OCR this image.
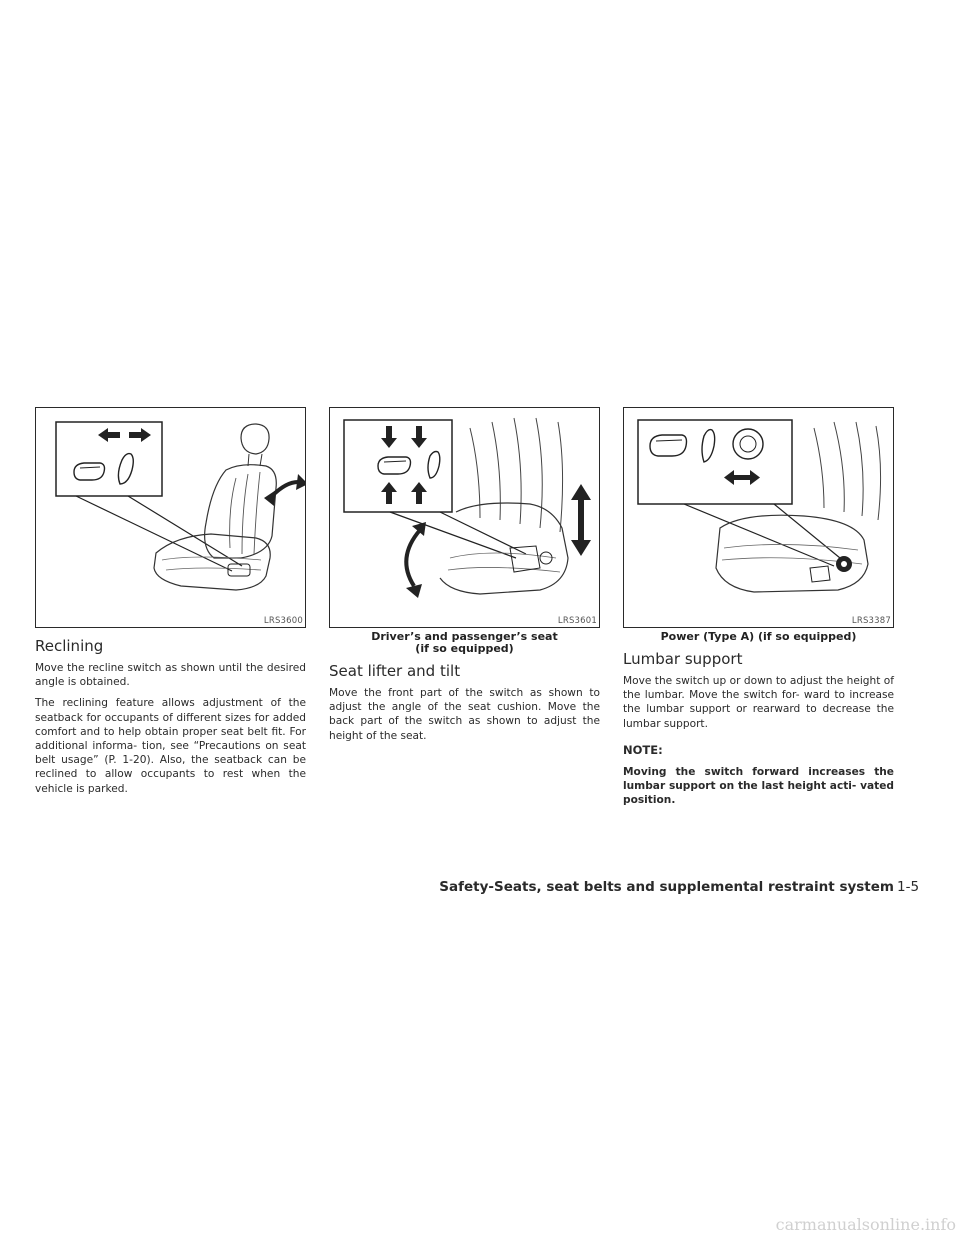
LRS3600
Reclining

Move the recline switch as shown until the desired angle is obtained.

The reclining feature allows adjustment of the seatback for occupants of different sizes for added comfort and to help obtain proper seat belt fit. For additional informa- tion, see “Precautions on seat belt usage” (P. 1-20). Also, the seatback can be reclined to allow occupants to rest when the vehicle is parked.

LRS3601
Driver’s and passenger’s seat
(if so equipped)
Seat lifter and tilt

Move the front part of the switch as shown to adjust the angle of the seat cushion. Move the back part of the switch as shown to adjust the height of the seat.

LRS3387
Power (Type A) (if so equipped)
Lumbar support

Move the switch up or down to adjust the height of the lumbar. Move the switch for- ward to increase the lumbar support or rearward to decrease the lumbar support.

NOTE:

Moving the switch forward increases the lumbar support on the last height acti- vated position.

Safety-Seats, seat belts and supplemental restraint system 1-5
carmanualsonline.info
